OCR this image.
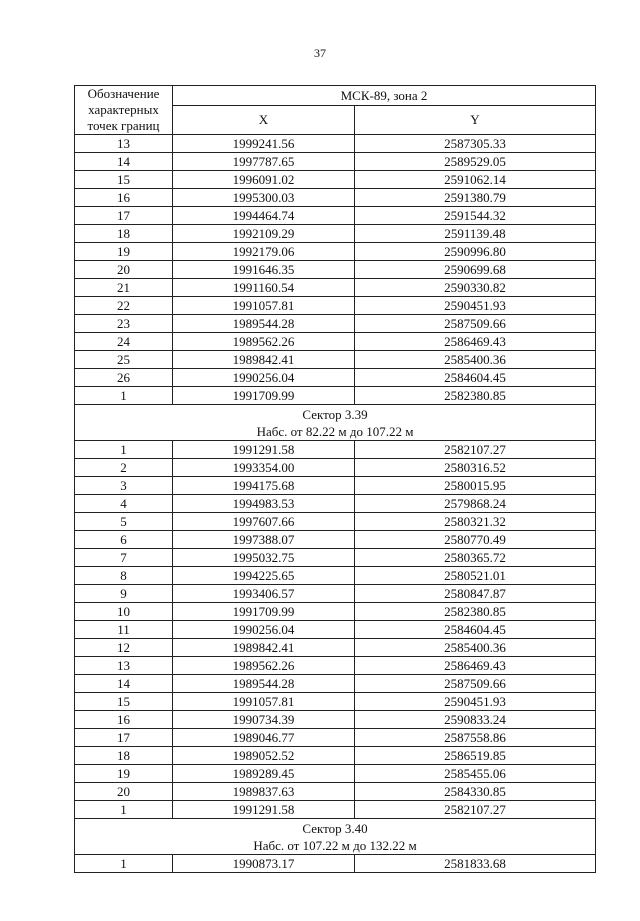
37
Обозначение характерных точек границ	МСК-89, зона 2	
	X	Y
13	1999241.56	2587305.33
14	1997787.65	2589529.05
15	1996091.02	2591062.14
16	1995300.03	2591380.79
17	1994464.74	2591544.32
18	1992109.29	2591139.48
19	1992179.06	2590996.80
20	1991646.35	2590699.68
21	1991160.54	2590330.82
22	1991057.81	2590451.93
23	1989544.28	2587509.66
24	1989562.26	2586469.43
25	1989842.41	2585400.36
26	1990256.04	2584604.45
1	1991709.99	2582380.85

Сектор 3.39
Набс. от 82.22 м до 107.22 м		

1	1991291.58	2582107.27
2	1993354.00	2580316.52
3	1994175.68	2580015.95
4	1994983.53	2579868.24
5	1997607.66	2580321.32
6	1997388.07	2580770.49
7	1995032.75	2580365.72
8	1994225.65	2580521.01
9	1993406.57	2580847.87
10	1991709.99	2582380.85
11	1990256.04	2584604.45
12	1989842.41	2585400.36
13	1989562.26	2586469.43
14	1989544.28	2587509.66
15	1991057.81	2590451.93
16	1990734.39	2590833.24
17	1989046.77	2587558.86
18	1989052.52	2586519.85
19	1989289.45	2585455.06
20	1989837.63	2584330.85
1	1991291.58	2582107.27

Сектор 3.40
Набс. от 107.22 м до 132.22 м		

1	1990873.17	2581833.68
